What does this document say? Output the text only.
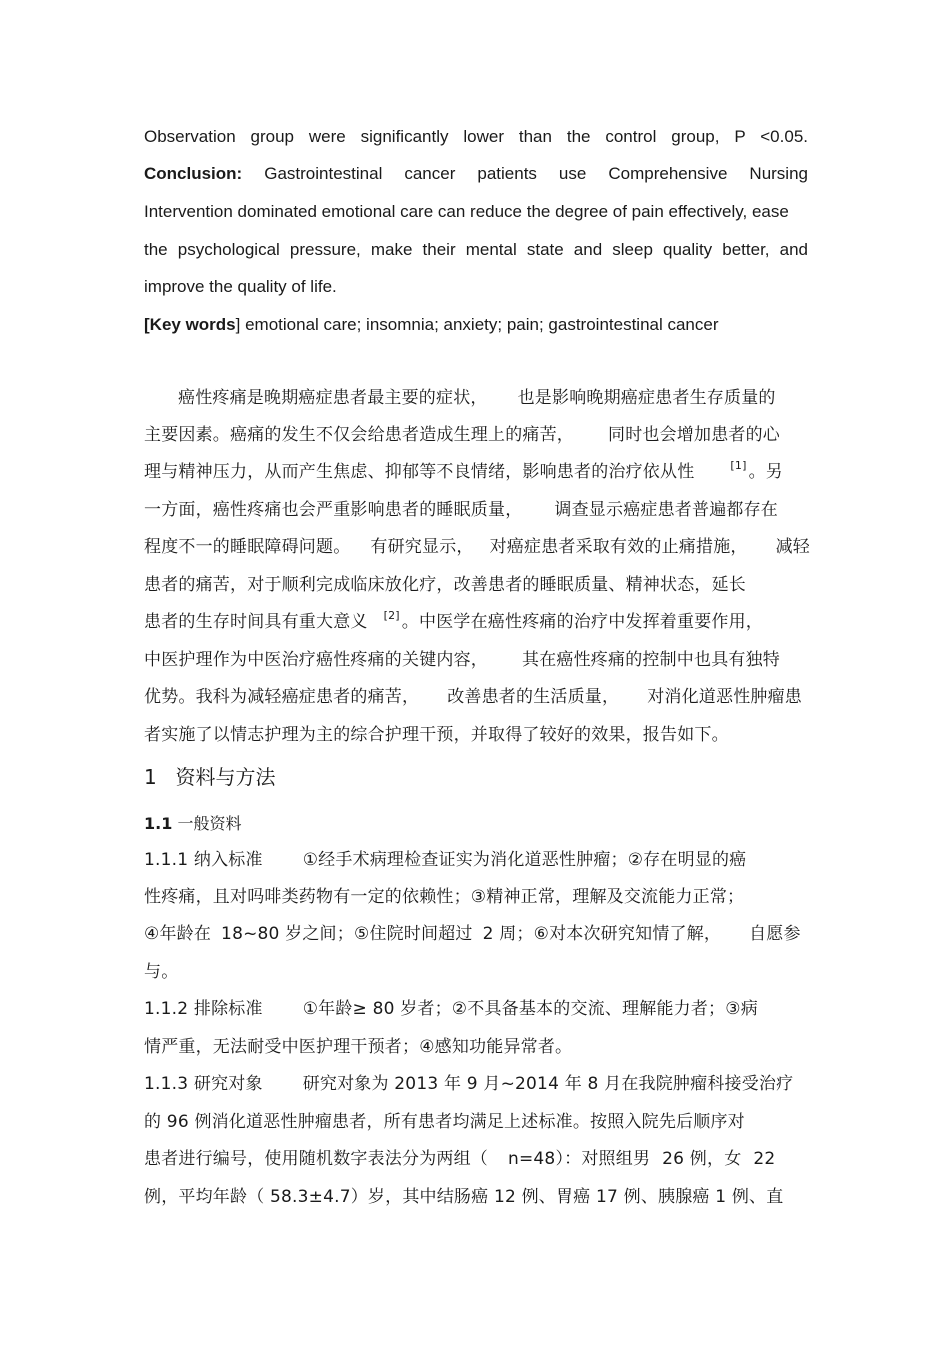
Observation group were significantly lower than the control group, P <0.05.
Conclusion: Gastrointestinal cancer patients use Comprehensive Nursing
Intervention dominated emotional care can reduce the degree of pain effectively, ease
the psychological pressure, make their mental state and sleep quality better, and
improve the quality of life.
[Key words] emotional care; insomnia; anxiety; pain; gastrointestinal cancer
癌性疼痛是晚期癌症患者最主要的症状， 也是影响晚期癌症患者生存质量的
主要因素。癌痛的发生不仅会给患者造成生理上的痛苦， 同时也会增加患者的心
理与精神压力，从而产生焦虑、抑郁等不良情绪，影响患者的治疗依从性	[1] 。另
一方面，癌性疼痛也会严重影响患者的睡眠质量， 调查显示癌症患者普遍都存在
程度不一的睡眠障碍问题。 有研究显示， 对癌症患者采取有效的止痛措施， 减轻
患者的痛苦，对于顺利完成临床放化疗，改善患者的睡眠质量、精神状态，延长
患者的生存时间具有重大意义 [2] 。中医学在癌性疼痛的治疗中发挥着重要作用，
中医护理作为中医治疗癌性疼痛的关键内容， 其在癌性疼痛的控制中也具有独特
优势。我科为减轻癌症患者的痛苦， 改善患者的生活质量， 对消化道恶性肿瘤患
者实施了以情志护理为主的综合护理干预，并取得了较好的效果，报告如下。
1 资料与方法
1.1 一般资料
1.1.1 纳入标准 ①经手术病理检查证实为消化道恶性肿瘤；②存在明显的癌
性疼痛，且对吗啡类药物有一定的依赖性；③精神正常，理解及交流能力正常；
④年龄在 18~80 岁之间；⑤住院时间超过 2 周；⑥对本次研究知情了解， 自愿参
与。
1.1.2 排除标准 ①年龄≥ 80 岁者；②不具备基本的交流、理解能力者；③病
情严重，无法耐受中医护理干预者；④感知功能异常者。
1.1.3 研究对象 研究对象为 2013 年 9 月~2014 年 8 月在我院肿瘤科接受治疗
的 96 例消化道恶性肿瘤患者，所有患者均满足上述标准。按照入院先后顺序对
患者进行编号，使用随机数字表法分为两组（ n=48）：对照组男 26 例，女 22
例，平均年龄（ 58.3±4.7）岁，其中结肠癌 12 例、胃癌 17 例、胰腺癌 1 例、直
